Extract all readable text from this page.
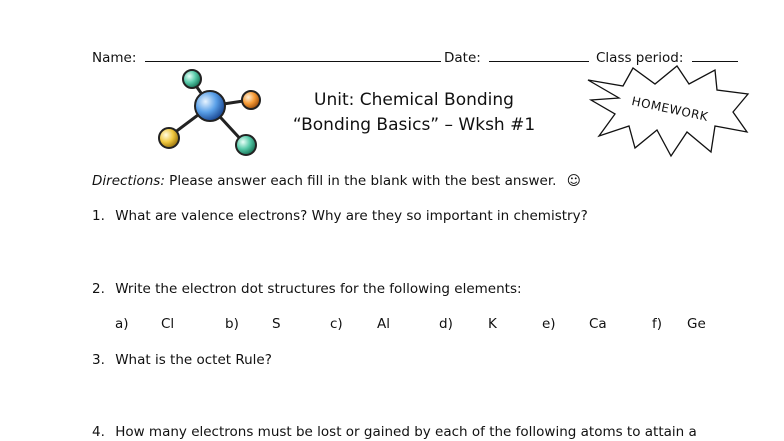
Name:	Date:	Class period:
Unit: Chemical Bonding
“Bonding Basics” – Wksh #1
HOMEWORK
Directions: Please answer each fill in the blank with the best answer. ☺
1. What are valence electrons? Why are they so important in chemistry?
2. Write the electron dot structures for the following elements:
a) Cl	b) S	c)	Al	d)	K	e) Ca	f) Ge
3. What is the octet Rule?
4. How many electrons must be lost or gained by each of the following atoms to attain a
